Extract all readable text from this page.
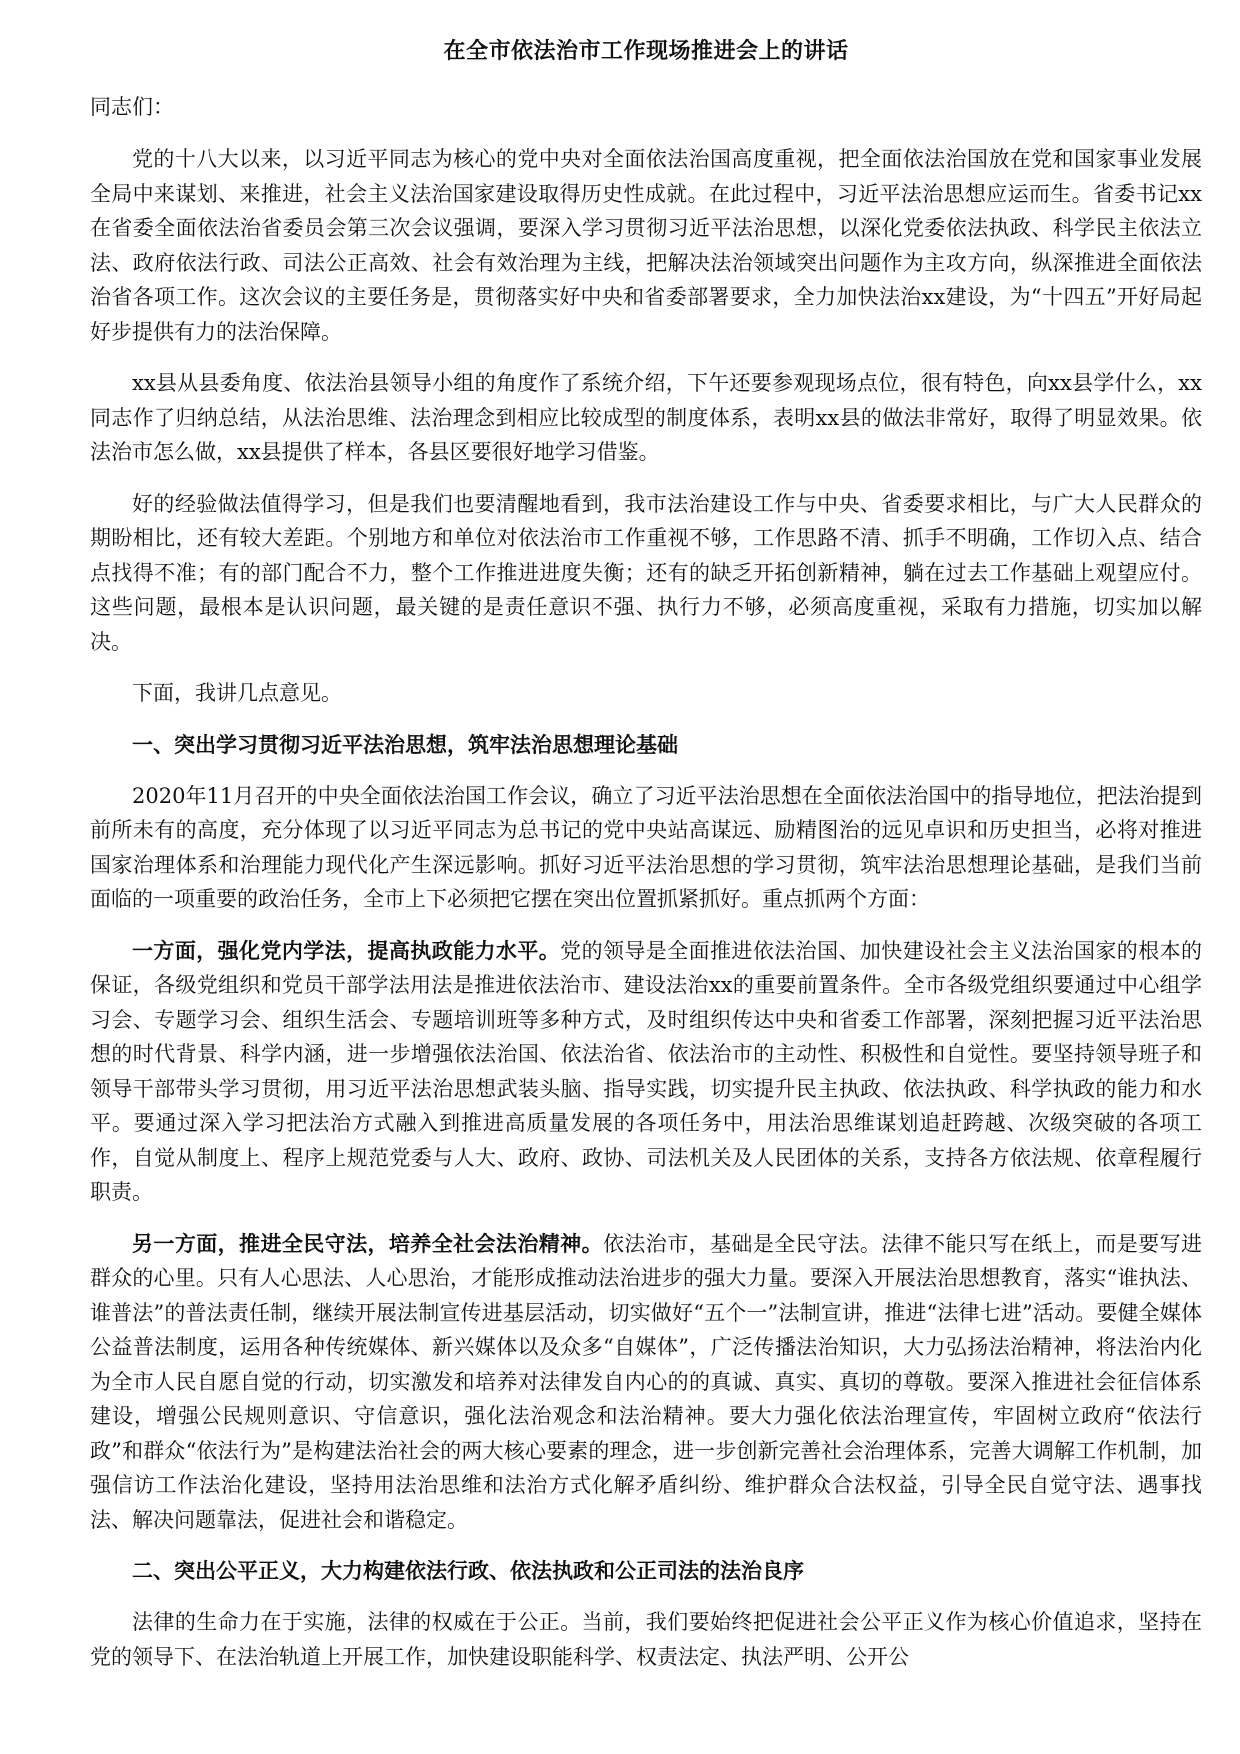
在全市依法治市工作现场推进会上的讲话
同志们：

党的十八大以来，以习近平同志为核心的党中央对全面依法治国高度重视，把全面依法治国放在党和国家事业发展全局中来谋划、来推进，社会主义法治国家建设取得历史性成就。在此过程中，习近平法治思想应运而生。省委书记xx在省委全面依法治省委员会第三次会议强调，要深入学习贯彻习近平法治思想，以深化党委依法执政、科学民主依法立法、政府依法行政、司法公正高效、社会有效治理为主线，把解决法治领域突出问题作为主攻方向，纵深推进全面依法治省各项工作。这次会议的主要任务是，贯彻落实好中央和省委部署要求，全力加快法治xx建设，为“十四五”开好局起好步提供有力的法治保障。

xx县从县委角度、依法治县领导小组的角度作了系统介绍，下午还要参观现场点位，很有特色，向xx县学什么，xx同志作了归纳总结，从法治思维、法治理念到相应比较成型的制度体系，表明xx县的做法非常好，取得了明显效果。依法治市怎么做，xx县提供了样本，各县区要很好地学习借鉴。

好的经验做法值得学习，但是我们也要清醒地看到，我市法治建设工作与中央、省委要求相比，与广大人民群众的期盼相比，还有较大差距。个别地方和单位对依法治市工作重视不够，工作思路不清、抓手不明确，工作切入点、结合点找得不准；有的部门配合不力，整个工作推进进度失衡；还有的缺乏开拓创新精神，躺在过去工作基础上观望应付。这些问题，最根本是认识问题，最关键的是责任意识不强、执行力不够，必须高度重视，采取有力措施，切实加以解决。

下面，我讲几点意见。

一、突出学习贯彻习近平法治思想，筑牢法治思想理论基础

2020年11月召开的中央全面依法治国工作会议，确立了习近平法治思想在全面依法治国中的指导地位，把法治提到前所未有的高度，充分体现了以习近平同志为总书记的党中央站高谋远、励精图治的远见卓识和历史担当，必将对推进国家治理体系和治理能力现代化产生深远影响。抓好习近平法治思想的学习贯彻，筑牢法治思想理论基础，是我们当前面临的一项重要的政治任务，全市上下必须把它摆在突出位置抓紧抓好。重点抓两个方面：

一方面，强化党内学法，提高执政能力水平。党的领导是全面推进依法治国、加快建设社会主义法治国家的根本的保证，各级党组织和党员干部学法用法是推进依法治市、建设法治xx的重要前置条件。全市各级党组织要通过中心组学习会、专题学习会、组织生活会、专题培训班等多种方式，及时组织传达中央和省委工作部署，深刻把握习近平法治思想的时代背景、科学内涵，进一步增强依法治国、依法治省、依法治市的主动性、积极性和自觉性。要坚持领导班子和领导干部带头学习贯彻，用习近平法治思想武装头脑、指导实践，切实提升民主执政、依法执政、科学执政的能力和水平。要通过深入学习把法治方式融入到推进高质量发展的各项任务中，用法治思维谋划追赶跨越、次级突破的各项工作，自觉从制度上、程序上规范党委与人大、政府、政协、司法机关及人民团体的关系，支持各方依法规、依章程履行职责。

另一方面，推进全民守法，培养全社会法治精神。依法治市，基础是全民守法。法律不能只写在纸上，而是要写进群众的心里。只有人心思法、人心思治，才能形成推动法治进步的强大力量。要深入开展法治思想教育，落实“谁执法、谁普法”的普法责任制，继续开展法制宣传进基层活动，切实做好“五个一”法制宣讲，推进“法律七进”活动。要健全媒体公益普法制度，运用各种传统媒体、新兴媒体以及众多“自媒体”，广泛传播法治知识，大力弘扬法治精神，将法治内化为全市人民自愿自觉的行动，切实激发和培养对法律发自内心的的真诚、真实、真切的尊敬。要深入推进社会征信体系建设，增强公民规则意识、守信意识，强化法治观念和法治精神。要大力强化依法治理宣传，牢固树立政府“依法行政”和群众“依法行为”是构建法治社会的两大核心要素的理念，进一步创新完善社会治理体系，完善大调解工作机制，加强信访工作法治化建设，坚持用法治思维和法治方式化解矛盾纠纷、维护群众合法权益，引导全民自觉守法、遇事找法、解决问题靠法，促进社会和谐稳定。

二、突出公平正义，大力构建依法行政、依法执政和公正司法的法治良序

法律的生命力在于实施，法律的权威在于公正。当前，我们要始终把促进社会公平正义作为核心价值追求，坚持在党的领导下、在法治轨道上开展工作，加快建设职能科学、权责法定、执法严明、公开公
